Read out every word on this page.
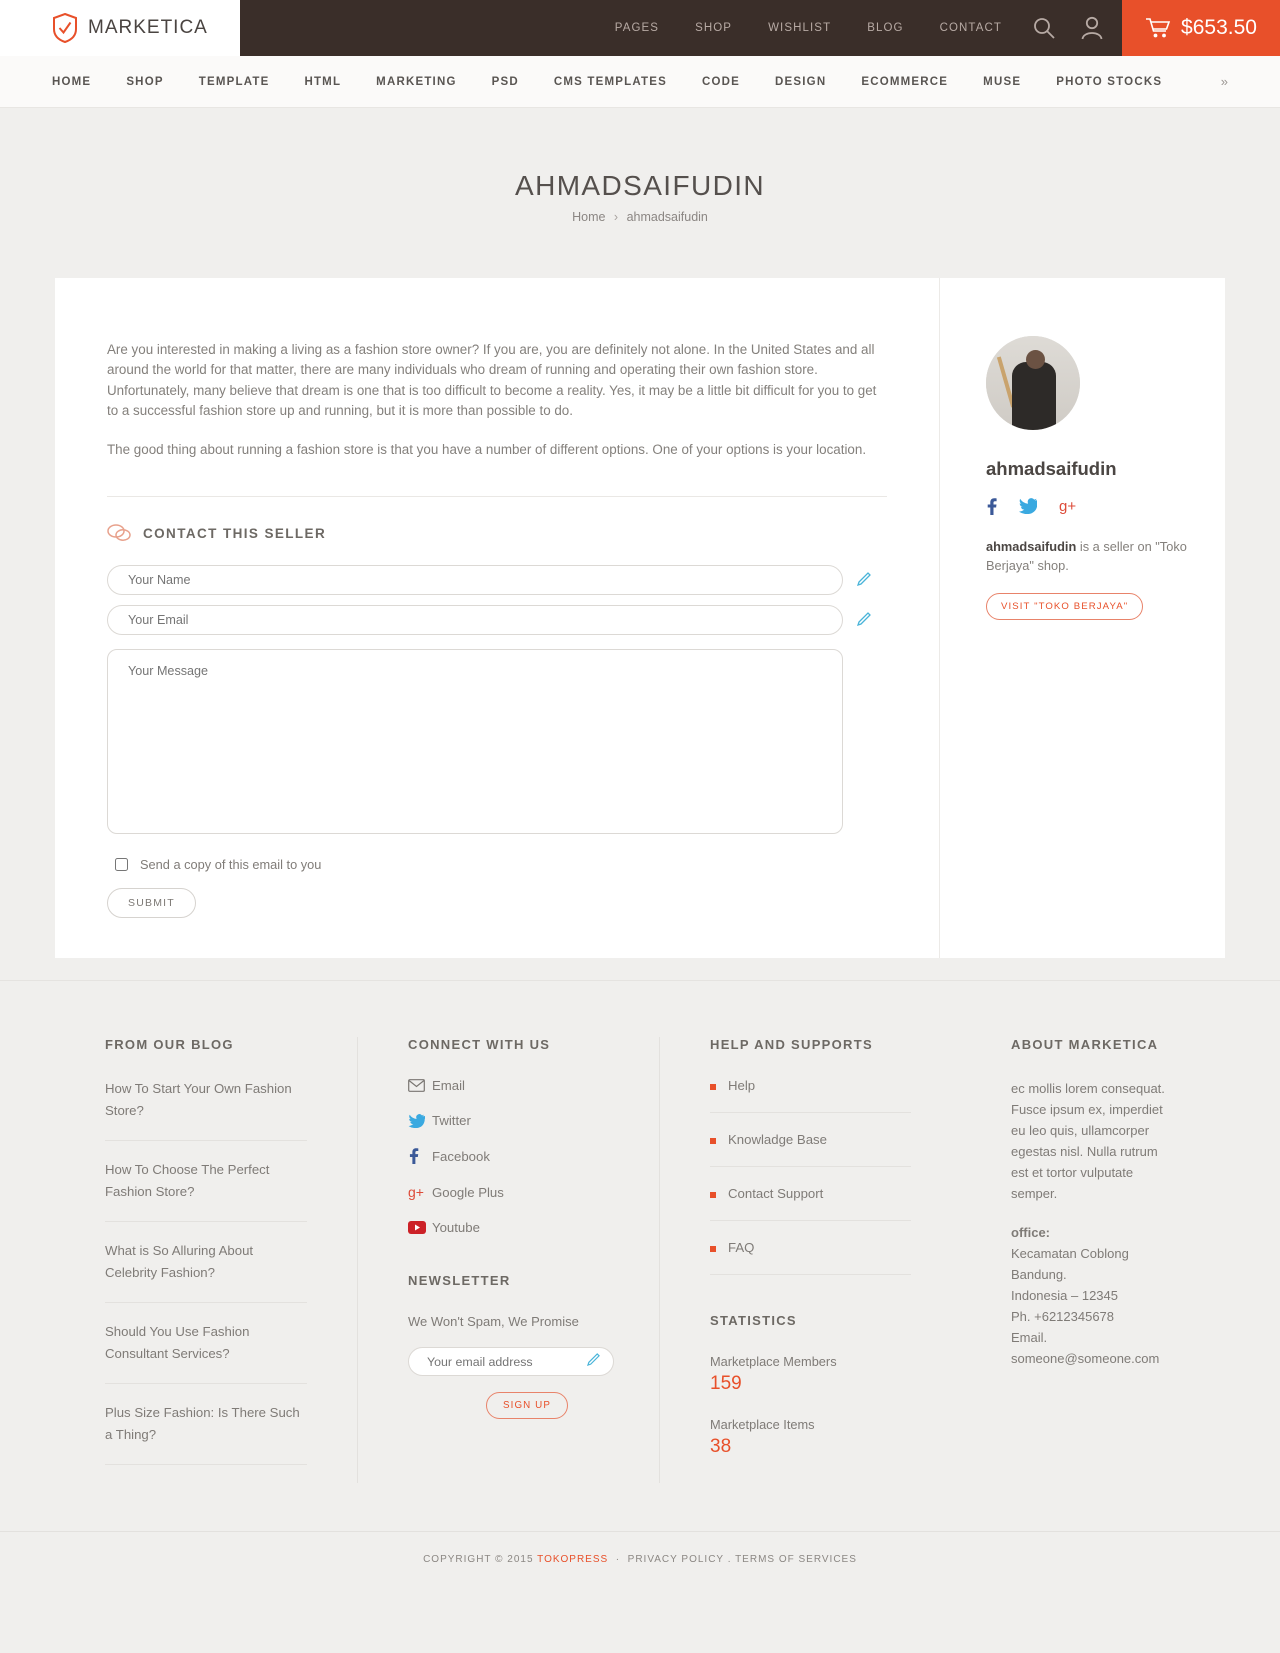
MARKETICA	PAGES	SHOP	WISHLIST	BLOG	CONTACT	$653.50
HOME	SHOP	TEMPLATE	HTML	MARKETING	PSD	CMS TEMPLATES	CODE	DESIGN	ECOMMERCE	MUSE	PHOTO STOCKS	»
AHMADSAIFUDIN
Home › ahmadsaifudin

Are you interested in making a living as a fashion store owner? If you are, you are definitely not alone. In the United States and all around the world for that matter, there are many individuals who dream of running and operating their own fashion store. Unfortunately, many believe that dream is one that is too difficult to become a reality. Yes, it may be a little bit difficult for you to get to a successful fashion store up and running, but it is more than possible to do.

The good thing about running a fashion store is that you have a number of different options. One of your options is your location.

CONTACT THIS SELLER
Your Name
Your Email
Your Message
Send a copy of this email to you
SUBMIT
ahmadsaifudin
g+

ahmadsaifudin is a seller on "Toko Berjaya" shop.

VISIT "TOKO BERJAYA"
FROM OUR BLOG
How To Start Your Own Fashion Store?
How To Choose The Perfect Fashion Store?
What is So Alluring About Celebrity Fashion?
Should You Use Fashion Consultant Services?
Plus Size Fashion: Is There Such a Thing?
CONNECT WITH US
Email
Twitter
Facebook
g+ Google Plus
Youtube
NEWSLETTER

We Won't Spam, We Promise

Your email address
SIGN UP
HELP AND SUPPORTS
Help
Knowladge Base
Contact Support
FAQ
STATISTICS

Marketplace Members

159

Marketplace Items

38

ABOUT MARKETICA

ec mollis lorem consequat. Fusce ipsum ex, imperdiet eu leo quis, ullamcorper egestas nisl. Nulla rutrum est et tortor vulputate semper.

office:
Kecamatan Coblong
Bandung.
Indonesia – 12345
Ph. +6212345678
Email. someone@someone.com
COPYRIGHT © 2015 TOKOPRESS  ·  PRIVACY POLICY . TERMS OF SERVICES
